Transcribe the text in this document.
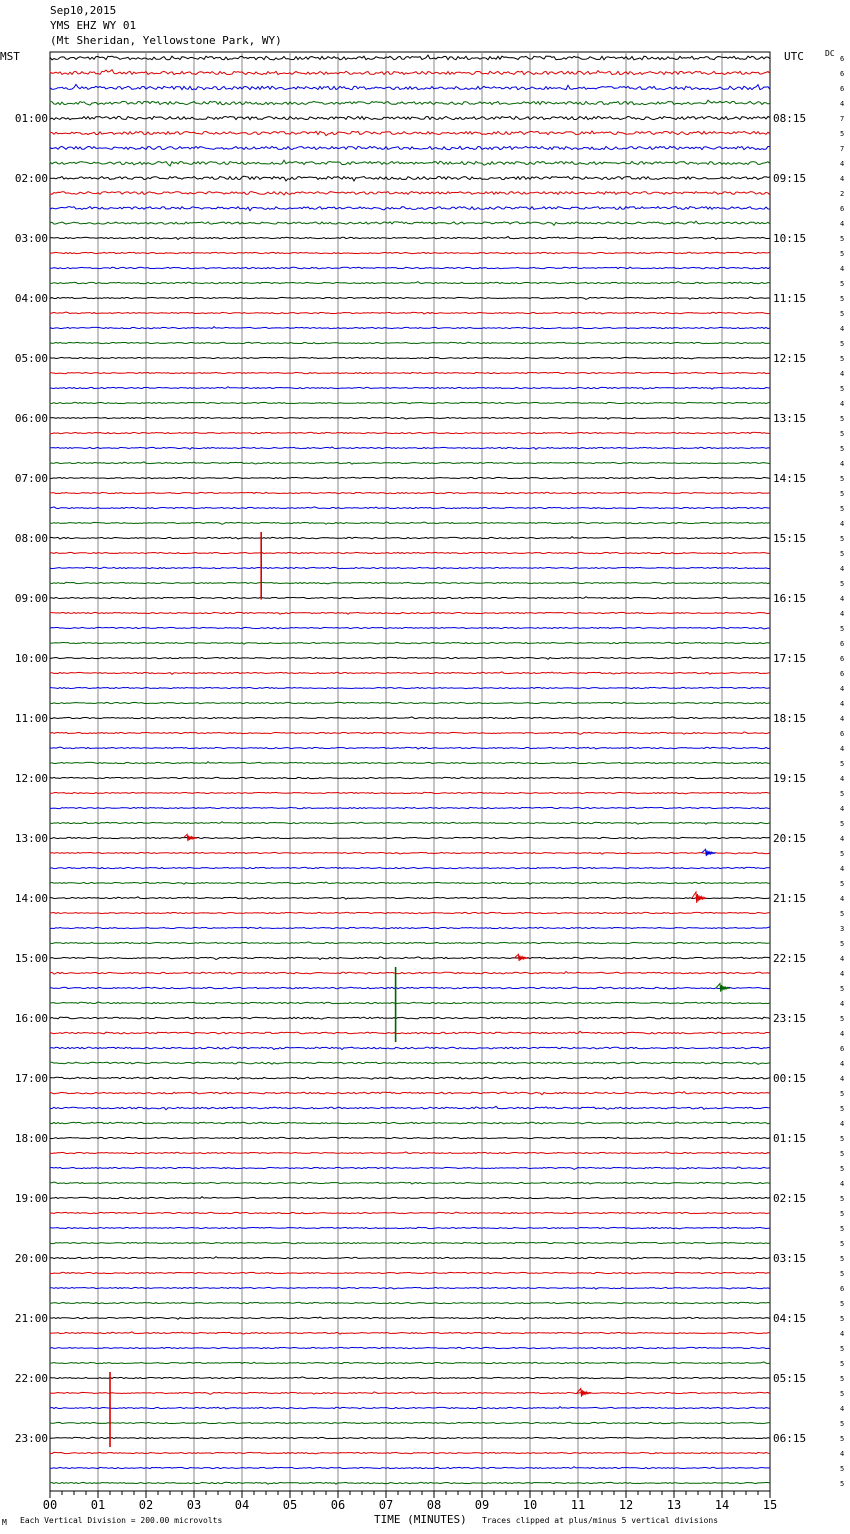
Sep10,2015
YMS EHZ WY 01
(Mt Sheridan, Yellowstone Park, WY)
MST	UTC	DC
00	01	02	03	04	05	06	07	08	09	10	11	12	13	14	15
6
6
6
4
7
5
7
4
4
2
6
4
5
5
4
5
5
5
4
5
5
4
5
4
5
5
5
4
5
5
5
4
5
5
4
5
4
4
5
6
6
6
4
4
4
6
4
5
4
5
4
5
4
5
4
5
4
5
3
5
4
4
5
4
5
4
6
4
4
5
5
4
5
5
5
4
5
5
5
5
5
5
6
5
5
4
5
5
5
5
4
5
5
4
5
5
01:00	08:15
02:00	09:15
03:00	10:15
04:00	11:15
05:00	12:15
06:00	13:15
07:00	14:15
08:00	15:15
09:00	16:15
10:00	17:15
11:00	18:15
12:00	19:15
13:00	20:15
14:00	21:15
15:00	22:15
16:00	23:15
17:00	00:15
18:00	01:15
19:00	02:15
20:00	03:15
21:00	04:15
22:00	05:15
23:00	06:15
M Each Vertical Division = 200.00 microvolts	TIME (MINUTES) Traces clipped at plus/minus 5 vertical divisions
